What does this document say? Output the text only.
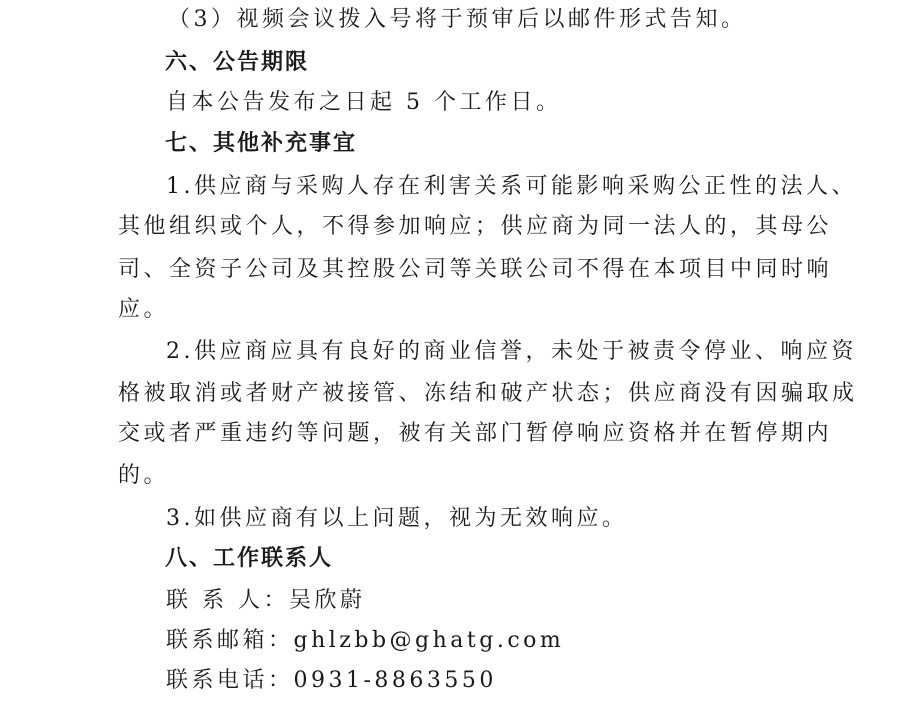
（3）视频会议拨入号将于预审后以邮件形式告知。
六、公告期限
自本公告发布之日起 5 个工作日。
七、其他补充事宜
1.供应商与采购人存在利害关系可能影响采购公正性的法人、
其他组织或个人，不得参加响应；供应商为同一法人的，其母公
司、全资子公司及其控股公司等关联公司不得在本项目中同时响
应。
2.供应商应具有良好的商业信誉，未处于被责令停业、响应资
格被取消或者财产被接管、冻结和破产状态；供应商没有因骗取成
交或者严重违约等问题，被有关部门暂停响应资格并在暂停期内
的。
3.如供应商有以上问题，视为无效响应。
八、工作联系人
联 系 人：吴欣蔚
联系邮箱：ghlzbb@ghatg.com
联系电话：0931-8863550
